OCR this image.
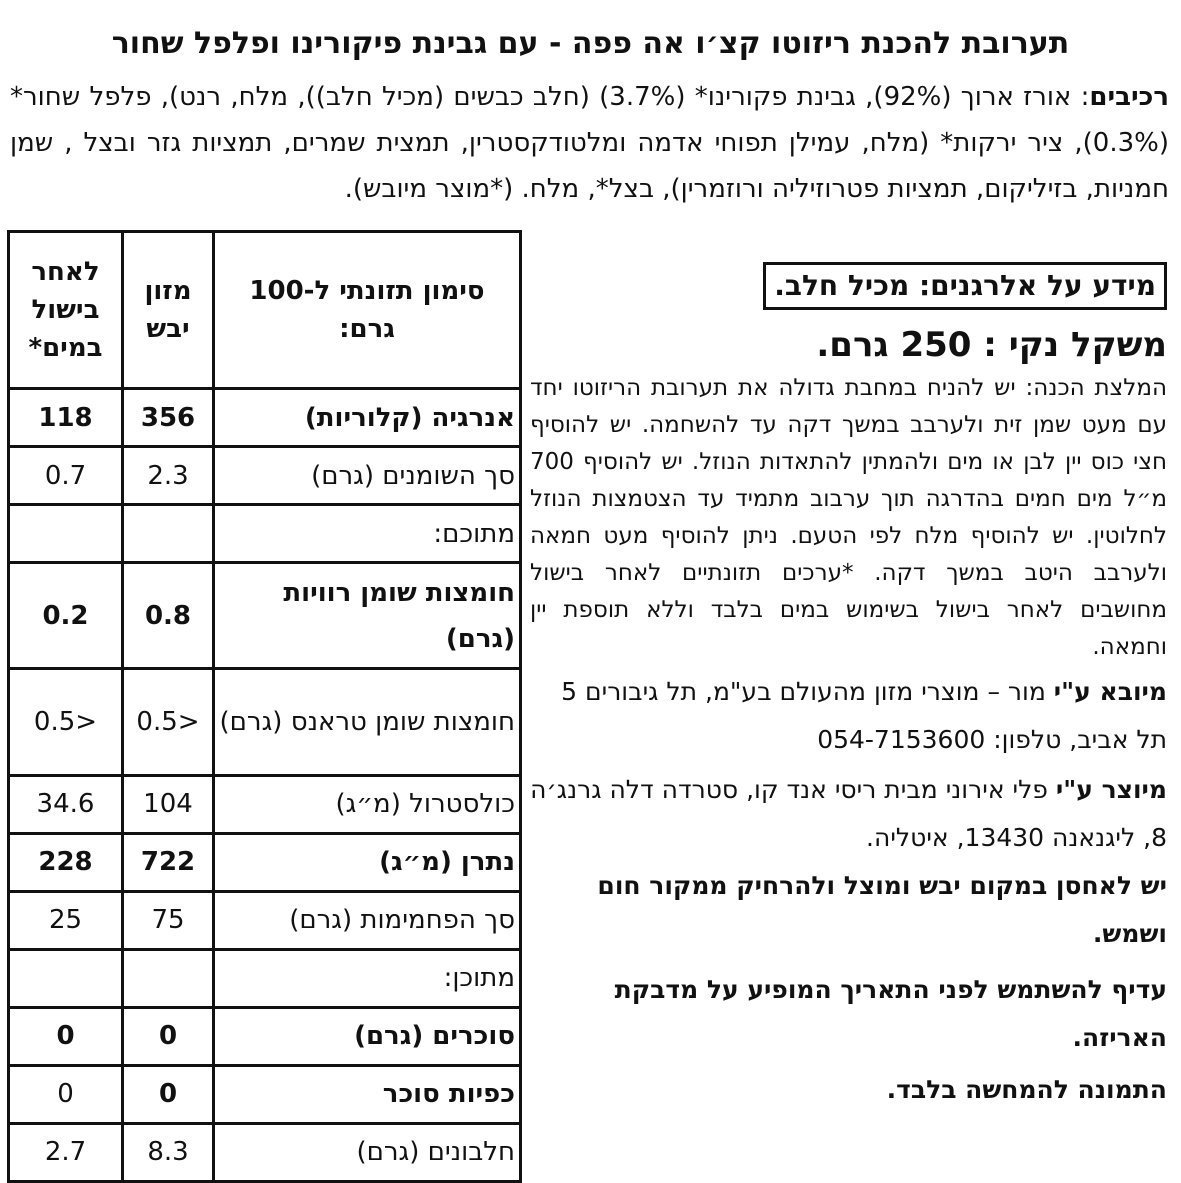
תערובת להכנת ריזוטו קצ׳ו אה פפה - עם גבינת פיקורינו ופלפל שחור
רכיבים: אורז ארוך (92%), גבינת פקורינו* (3.7%) (חלב כבשים (מכיל חלב)), מלח, רנט), פלפל שחור* (0.3%), ציר ירקות* (מלח, עמילן תפוחי אדמה ומלטודקסטרין, תמצית שמרים, תמציות גזר ובצל , שמן חמניות, בזיליקום, תמציות פטרוזיליה ורוזמרין), בצל*, מלח. (*מוצר מיובש).
סימון תזונתי ל-100 גרם:	מזון יבש	לאחר בישול במים*
אנרגיה (קלוריות)	356	118
סך השומנים (גרם)	2.3	0.7
מתוכם:		
חומצות שומן רוויות (גרם)	0.8	0.2
חומצות שומן טראנס (גרם)	<0.5	<0.5
כולסטרול (מ״ג)	104	34.6
נתרן (מ״ג)	722	228
סך הפחמימות (גרם)	75	25
מתוכן:		
סוכרים (גרם)	0	0
כפיות סוכר	0	0
חלבונים (גרם)	8.3	2.7
מידע על אלרגנים: מכיל חלב.
משקל נקי : 250 גרם.
המלצת הכנה: יש להניח במחבת גדולה את תערובת הריזוטו יחד עם מעט שמן זית ולערבב במשך דקה עד להשחמה. יש להוסיף חצי כוס יין לבן או מים ולהמתין להתאדות הנוזל. יש להוסיף 700 מ״ל מים חמים בהדרגה תוך ערבוב מתמיד עד הצטמצות הנוזל לחלוטין. יש להוסיף מלח לפי הטעם. ניתן להוסיף מעט חמאה ולערבב היטב במשך דקה. *ערכים תזונתיים לאחר בישול מחושבים לאחר בישול בשימוש במים בלבד וללא תוספת יין וחמאה.
מיובא ע"י מור – מוצרי מזון מהעולם בע"מ, תל גיבורים 5 תל אביב, טלפון: 054-7153600
מיוצר ע"י פלי אירוני מבית ריסי אנד קו, סטרדה דלה גרנג׳ה 8, ליגנאנה 13430, איטליה.
יש לאחסן במקום יבש ומוצל ולהרחיק ממקור חום ושמש.
עדיף להשתמש לפני התאריך המופיע על מדבקת האריזה.
התמונה להמחשה בלבד.
